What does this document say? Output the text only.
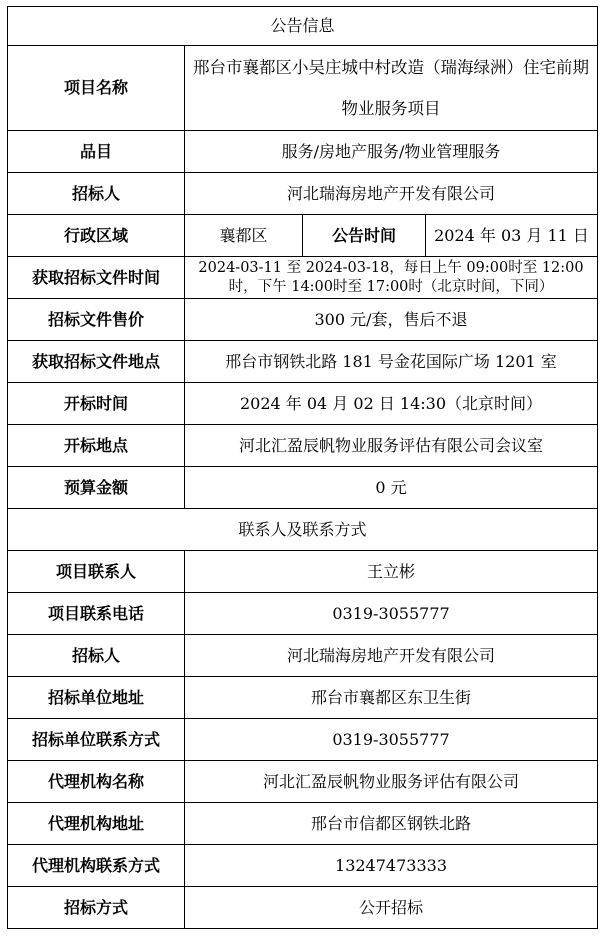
公告信息			
项目名称	邢台市襄都区小吴庄城中村改造（瑞海绿洲）住宅前期物业服务项目		
品目	服务/房地产服务/物业管理服务		
招标人	河北瑞海房地产开发有限公司		
行政区域	襄都区	公告时间	2024 年 03 月 11 日
获取招标文件时间	2024-03-11 至 2024-03-18，每日上午 09:00时至 12:00时，下午 14:00时至 17:00时（北京时间，下同）		
招标文件售价	300 元/套，售后不退		
获取招标文件地点	邢台市钢铁北路 181 号金花国际广场 1201 室		
开标时间	2024 年 04 月 02 日 14:30（北京时间）		
开标地点	河北汇盈辰帆物业服务评估有限公司会议室		
预算金额	0 元		
联系人及联系方式			
项目联系人	王立彬		
项目联系电话	0319-3055777		
招标人	河北瑞海房地产开发有限公司		
招标单位地址	邢台市襄都区东卫生街		
招标单位联系方式	0319-3055777		
代理机构名称	河北汇盈辰帆物业服务评估有限公司		
代理机构地址	邢台市信都区钢铁北路		
代理机构联系方式	13247473333		
招标方式	公开招标		
